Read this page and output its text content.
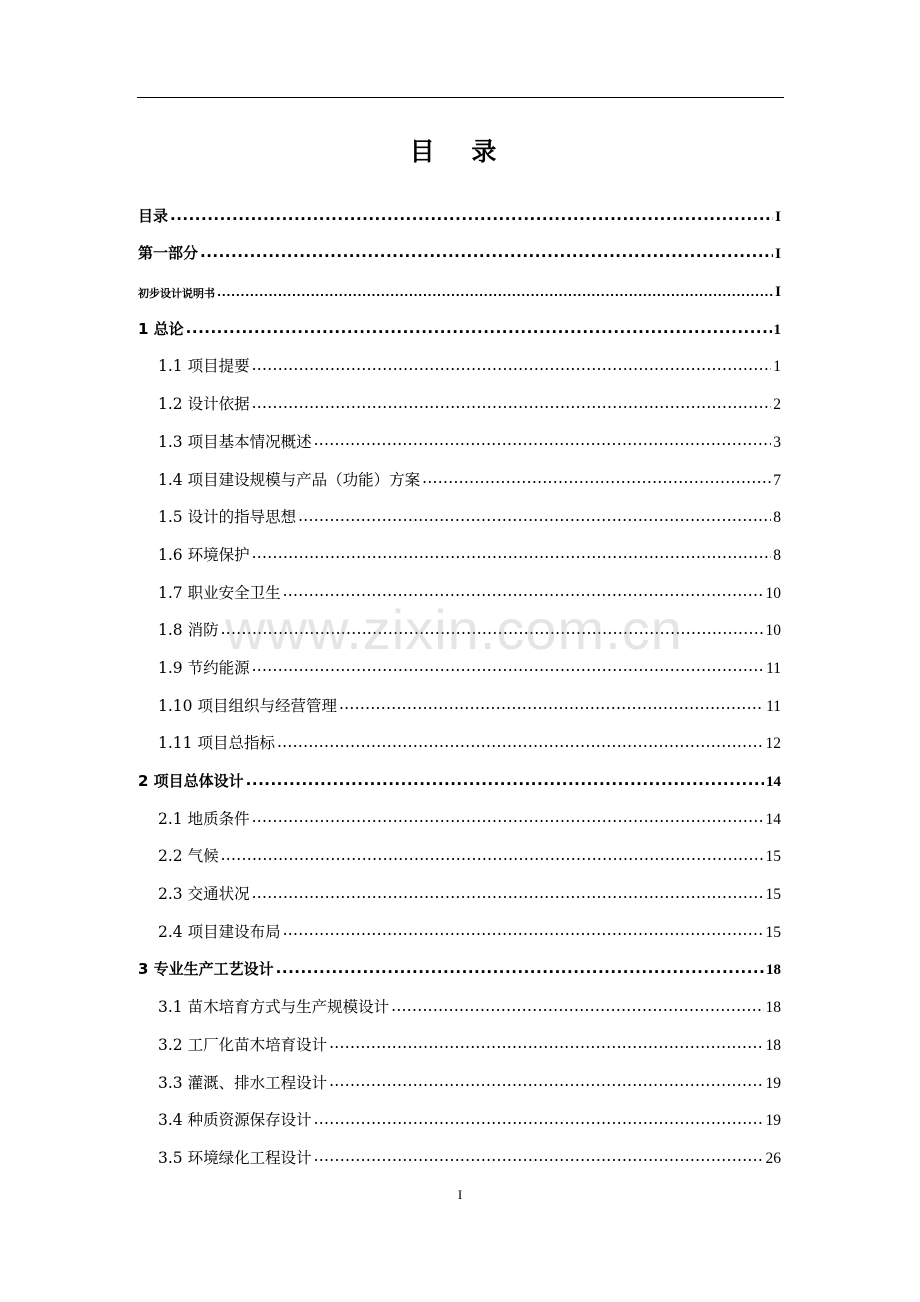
目 录
目录 .....	I
第一部分 .....	I
初步设计说明书 .....	I
1 总论 .....	1
1.1 项目提要 .....	1
1.2 设计依据 .....	2
1.3 项目基本情况概述 .....	3
1.4 项目建设规模与产品（功能）方案 .....	7
1.5 设计的指导思想 .....	8
1.6 环境保护 .....	8
1.7 职业安全卫生 .....	10
1.8 消防 .....	10
1.9 节约能源 .....	11
1.10 项目组织与经营管理 .....	11
1.11 项目总指标 .....	12
2 项目总体设计 .....	14
2.1 地质条件 .....	14
2.2 气候 .....	15
2.3 交通状况 .....	15
2.4 项目建设布局 .....	15
3 专业生产工艺设计 .....	18
3.1 苗木培育方式与生产规模设计 .....	18
3.2 工厂化苗木培育设计 .....	18
3.3 灌溉、排水工程设计 .....	19
3.4 种质资源保存设计 .....	19
3.5 环境绿化工程设计 .....	26
www.zixin.com.cn
I
